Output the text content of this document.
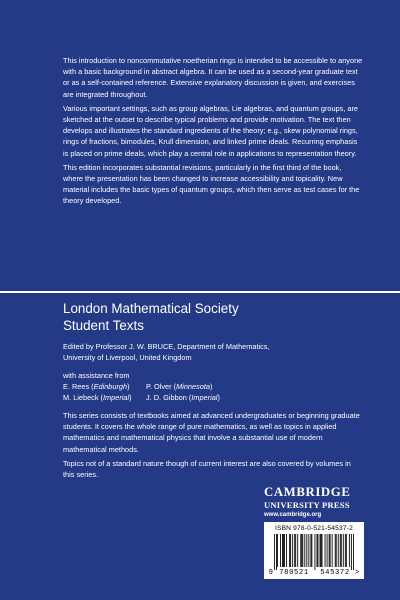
This introduction to noncommutative noetherian rings is intended to be accessible to anyone with a basic background in abstract algebra. It can be used as a second-year graduate text or as a self-contained reference. Extensive explanatory discussion is given, and exercises are integrated throughout.

Various important settings, such as group algebras, Lie algebras, and quantum groups, are sketched at the outset to describe typical problems and provide motivation. The text then develops and illustrates the standard ingredients of the theory; e.g., skew polynomial rings, rings of fractions, bimodules, Krull dimension, and linked prime ideals. Recurring emphasis is placed on prime ideals, which play a central role in applications to representation theory.

This edition incorporates substantial revisions, particularly in the first third of the book, where the presentation has been changed to increase accessibility and topicality. New material includes the basic types of quantum groups, which then serve as test cases for the theory developed.

London Mathematical Society
Student Texts
Edited by Professor J. W. BRUCE, Department of Mathematics,
University of Liverpool, United Kingdom
with assistance from
E. Rees (Edinburgh)	P. Olver (Minnesota)
M. Liebeck (Imperial)	J. D. Gibbon (Imperial)

This series consists of textbooks aimed at advanced undergraduates or beginning graduate students. It covers the whole range of pure mathematics, as well as topics in applied mathematics and mathematical physics that involve a substantial use of modern mathematical methods.

Topics not of a standard nature though of current interest are also covered by volumes in this series.

CAMBRIDGE
UNIVERSITY PRESS
www.cambridge.org
ISBN 978-0-521-54537-2
9 780521	545372 >
